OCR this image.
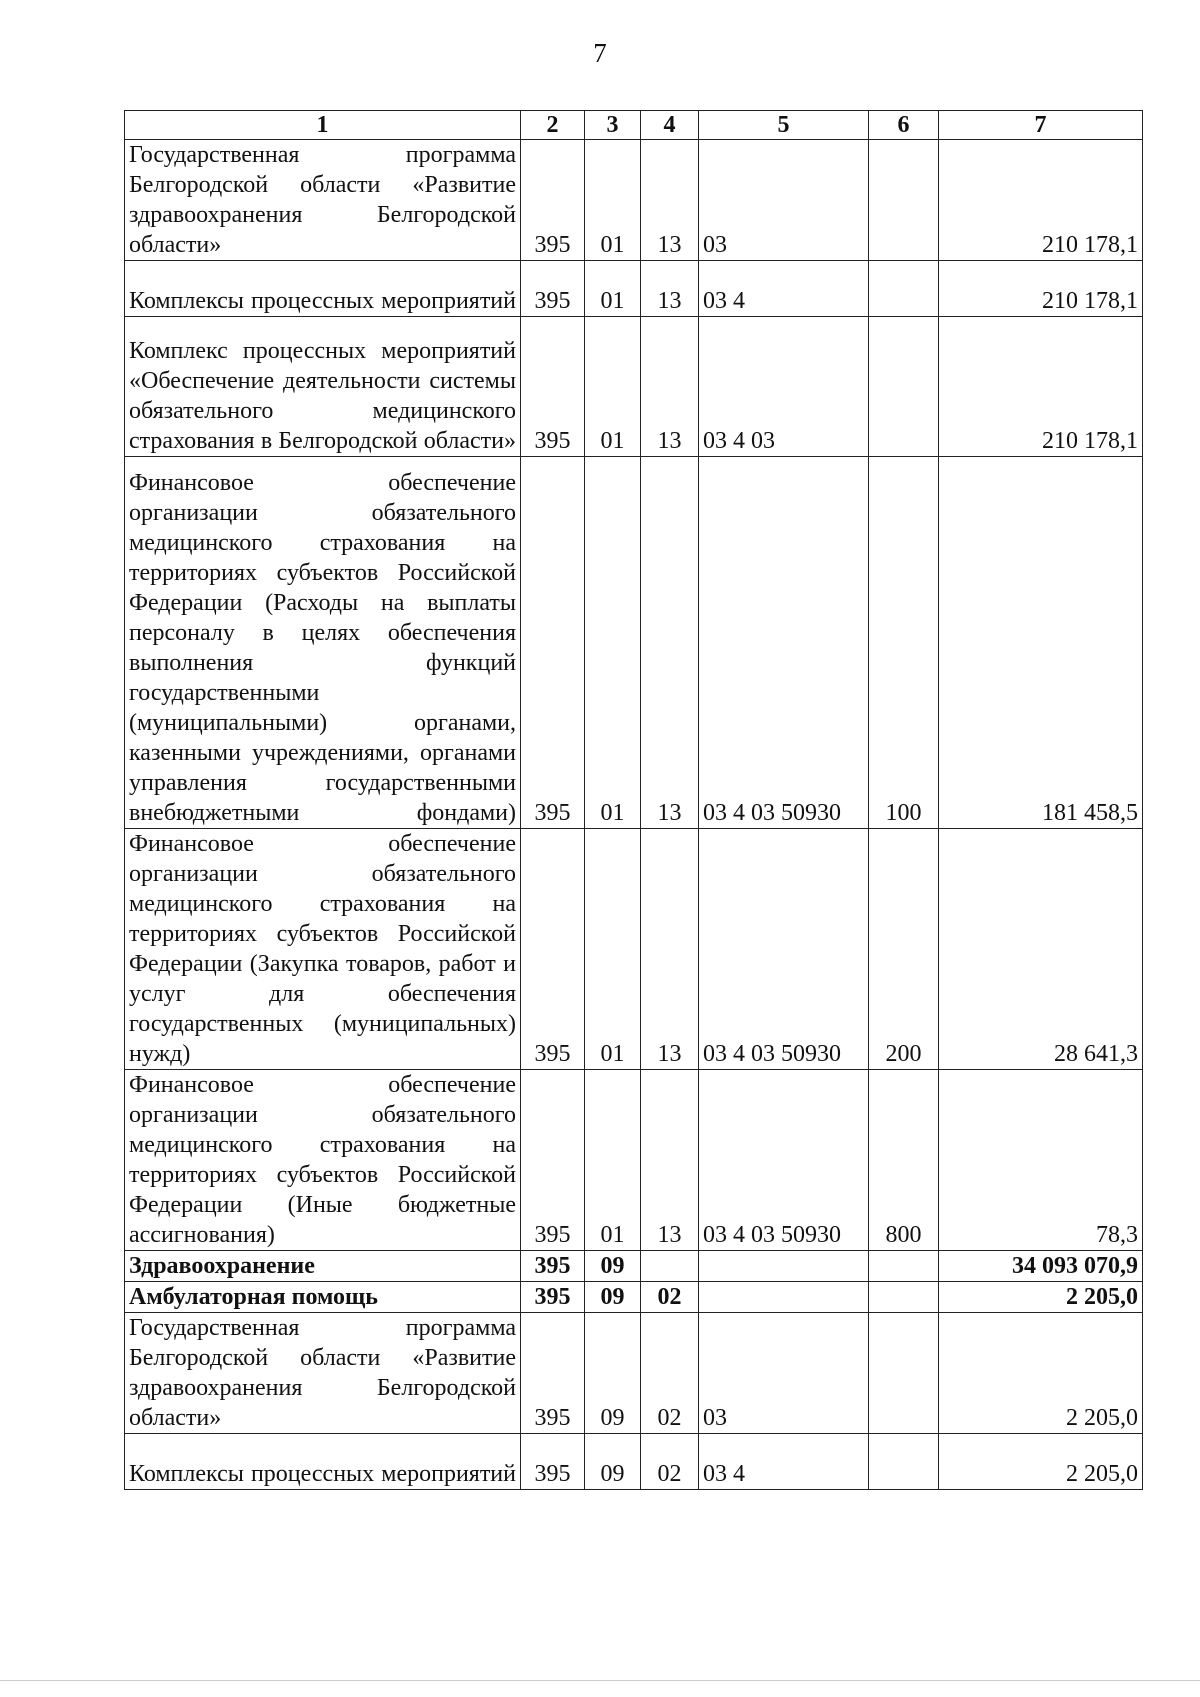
7
1	2	3	4	5	6	7
Государственная программа Белгородской области «Развитие здравоохранения Белгородской области»	395	01	13	03		210 178,1
Комплексы процессных мероприятий	395	01	13	03 4		210 178,1
Комплекс процессных мероприятий «Обеспечение деятельности системы обязательного медицинского страхования в Белгородской области»	395	01	13	03 4 03		210 178,1
Финансовое обеспечение организации обязательного медицинского страхования на территориях субъектов Российской Федерации (Расходы на выплаты персоналу в целях обеспечения выполнения функций государственными (муниципальными) органами, казенными учреждениями, органами управления государственными внебюджетными фондами)	395	01	13	03 4 03 50930	100	181 458,5
Финансовое обеспечение организации обязательного медицинского страхования на территориях субъектов Российской Федерации (Закупка товаров, работ и услуг для обеспечения государственных (муниципальных) нужд)	395	01	13	03 4 03 50930	200	28 641,3
Финансовое обеспечение организации обязательного медицинского страхования на территориях субъектов Российской Федерации (Иные бюджетные ассигнования)	395	01	13	03 4 03 50930	800	78,3
Здравоохранение	395	09				34 093 070,9
Амбулаторная помощь	395	09	02			2 205,0
Государственная программа Белгородской области «Развитие здравоохранения Белгородской области»	395	09	02	03		2 205,0
Комплексы процессных мероприятий	395	09	02	03 4		2 205,0
